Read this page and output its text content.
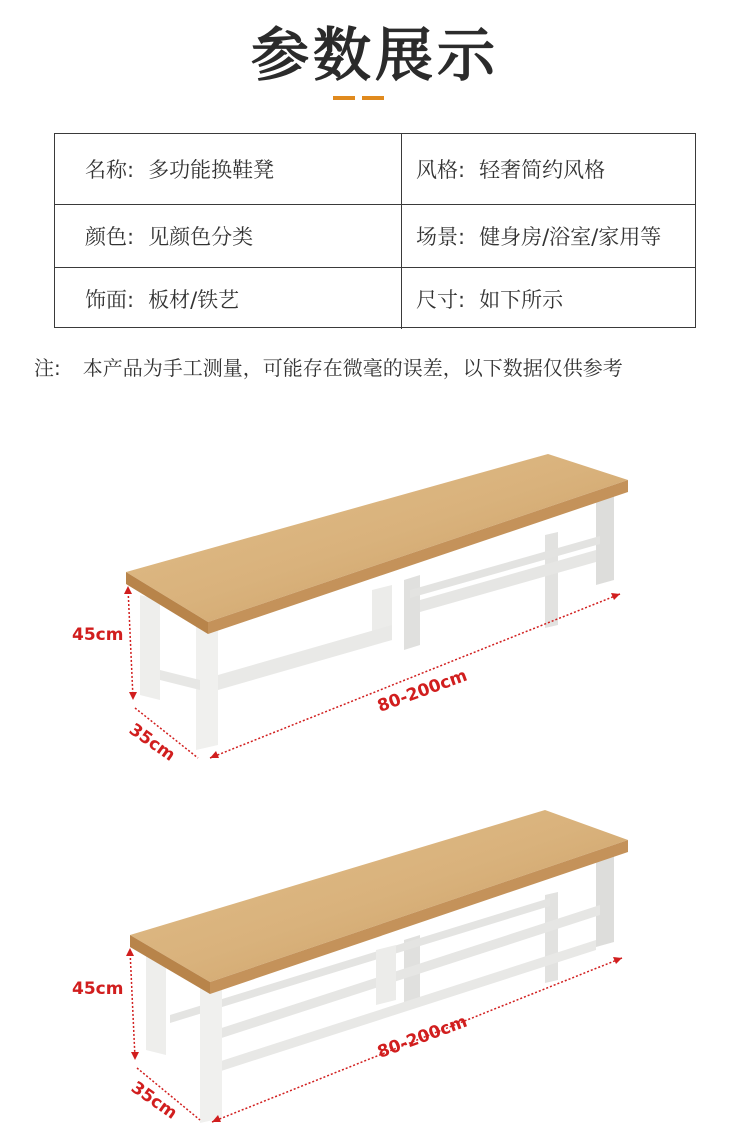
参数展示
名称: 多功能换鞋凳	风格: 轻奢简约风格
颜色: 见颜色分类	场景: 健身房/浴室/家用等
饰面: 板材/铁艺	尺寸: 如下所示
注: 本产品为手工测量，可能存在微毫的误差，以下数据仅供参考
45cm
35cm
80-200cm
45cm
35cm
80-200cm
